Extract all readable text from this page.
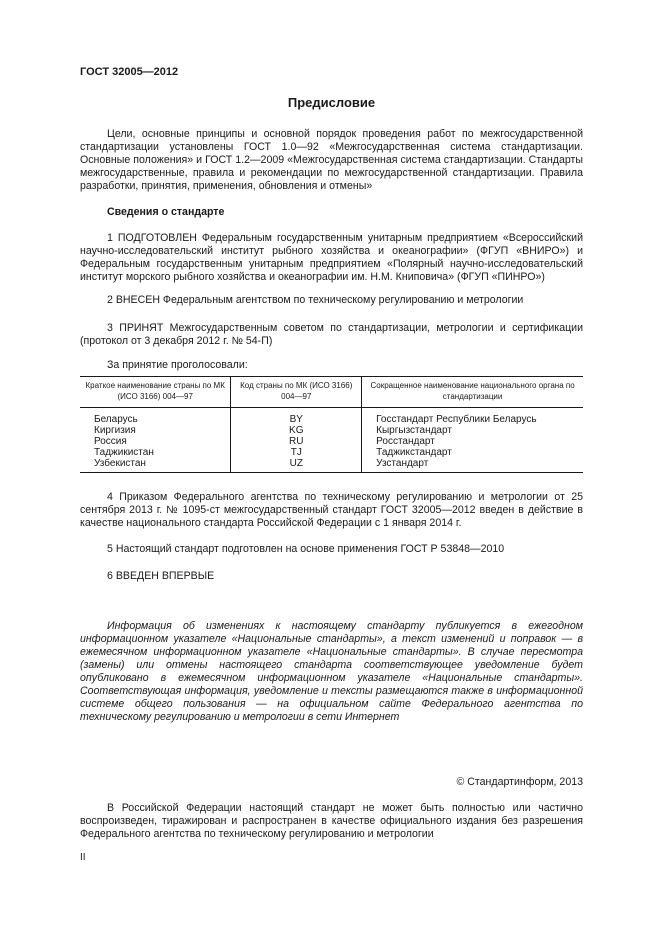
ГОСТ 32005—2012
Предисловие
Цели, основные принципы и основной порядок проведения работ по межгосударственной стандартизации установлены ГОСТ 1.0—92 «Межгосударственная система стандартизации. Основные положения» и ГОСТ 1.2—2009 «Межгосударственная система стандартизации. Стандарты межгосударственные, правила и рекомендации по межгосударственной стандартизации. Правила разработки, принятия, применения, обновления и отмены»
Сведения о стандарте
1 ПОДГОТОВЛЕН Федеральным государственным унитарным предприятием «Всероссийский научно-исследовательский институт рыбного хозяйства и океанографии» (ФГУП «ВНИРО») и Федеральным государственным унитарным предприятием «Полярный научно-исследовательский институт морского рыбного хозяйства и океанографии им. Н.М. Книповича» (ФГУП «ПИНРО»)
2 ВНЕСЕН Федеральным агентством по техническому регулированию и метрологии
3 ПРИНЯТ Межгосударственным советом по стандартизации, метрологии и сертификации (протокол от 3 декабря 2012 г. № 54-П)
За принятие проголосовали:
Краткое наименование страны по МК (ИСО 3166) 004—97	Код страны по МК (ИСО 3166) 004—97	Сокращенное наименование национального органа по стандартизации
Беларусь	BY	Госстандарт Республики Беларусь
Киргизия	KG	Кыргызстандарт
Россия	RU	Росстандарт
Таджикистан	TJ	Таджикстандарт
Узбекистан	UZ	Узстандарт
4 Приказом Федерального агентства по техническому регулированию и метрологии от 25 сентября 2013 г. № 1095-ст межгосударственный стандарт ГОСТ 32005—2012 введен в действие в качестве национального стандарта Российской Федерации с 1 января 2014 г.
5 Настоящий стандарт подготовлен на основе применения ГОСТ Р 53848—2010
6 ВВЕДЕН ВПЕРВЫЕ
Информация об изменениях к настоящему стандарту публикуется в ежегодном информационном указателе «Национальные стандарты», а текст изменений и поправок — в ежемесячном информационном указателе «Национальные стандарты». В случае пересмотра (замены) или отмены настоящего стандарта соответствующее уведомление будет опубликовано в ежемесячном информационном указателе «Национальные стандарты». Соответствующая информация, уведомление и тексты размещаются также в информационной системе общего пользования — на официальном сайте Федерального агентства по техническому регулированию и метрологии в сети Интернет
© Стандартинформ, 2013
В Российской Федерации настоящий стандарт не может быть полностью или частично воспроизведен, тиражирован и распространен в качестве официального издания без разрешения Федерального агентства по техническому регулированию и метрологии
II
